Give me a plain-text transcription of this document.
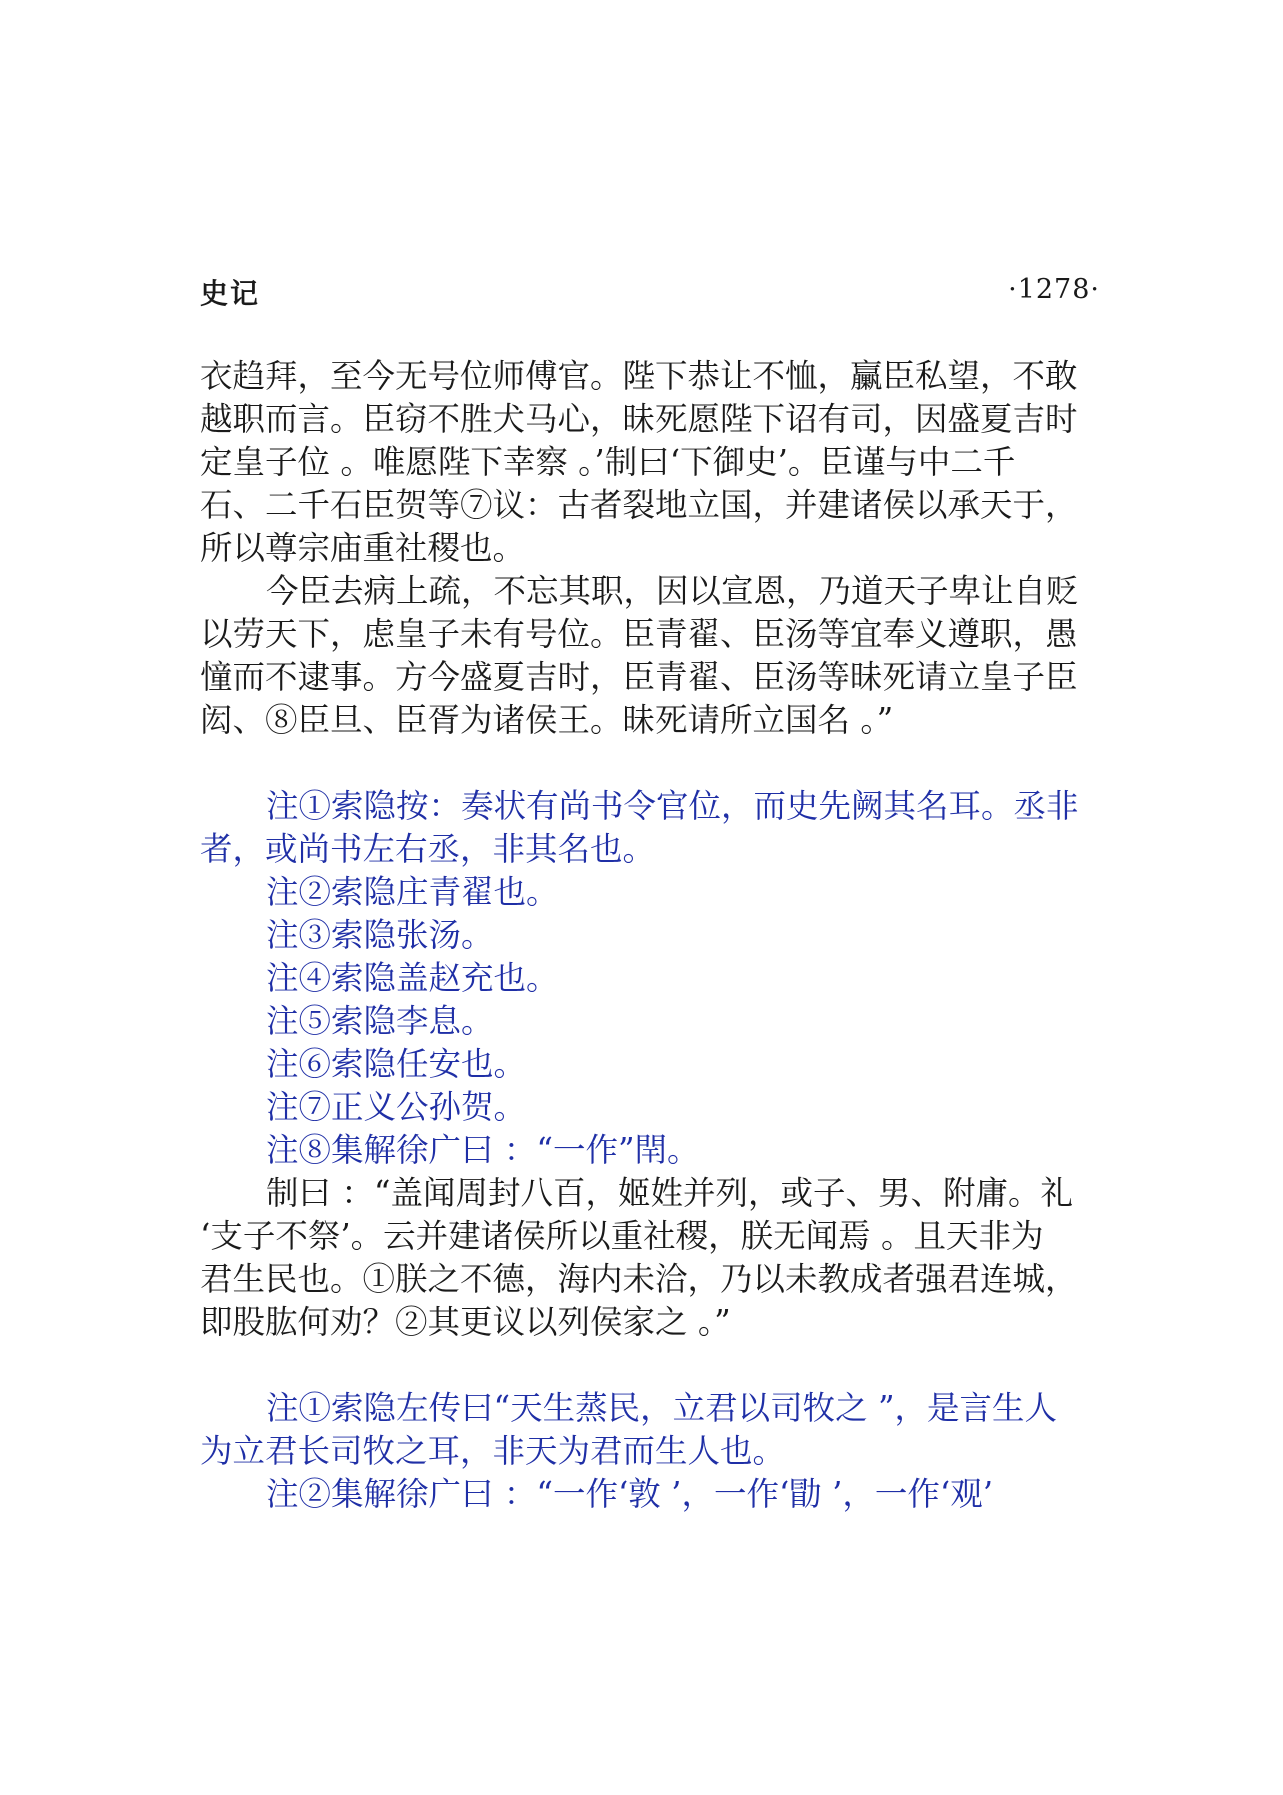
史记	·1278·
衣趋拜，至今无号位师傅官。陛下恭让不恤，臝臣私望，不敢
越职而言。臣窃不胜犬马心，昧死愿陛下诏有司，因盛夏吉时
定皇子位 。唯愿陛下幸察 。’制曰‘下御史’。臣谨与中二千
石、二千石臣贺等⑦议：古者裂地立国，并建诸侯以承天于，
所以尊宗庙重社稷也。
今臣去病上疏，不忘其职，因以宣恩，乃道天子卑让自贬
以劳天下，虑皇子未有号位。臣青翟、臣汤等宜奉义遵职，愚
憧而不逮事。方今盛夏吉时，臣青翟、臣汤等昧死请立皇子臣
闳、⑧臣旦、臣胥为诸侯王。昧死请所立国名 。”
注①索隐按：奏状有尚书令官位，而史先阙其名耳。丞非
者，或尚书左右丞，非其名也。
注②索隐庄青翟也。
注③索隐张汤。
注④索隐盖赵充也。
注⑤索隐李息。
注⑥索隐任安也。
注⑦正义公孙贺。
注⑧集解徐广曰 ：“一作”閈。
制曰 ：“盖闻周封八百，姬姓并列，或子、男、附庸。礼
‘支子不祭’。云并建诸侯所以重社稷，朕无闻焉 。且天非为
君生民也。①朕之不德，海内未洽，乃以未教成者强君连城，
即股肱何劝？②其更议以列侯家之 。”
注①索隐左传曰“天生蒸民，立君以司牧之 ”，是言生人
为立君长司牧之耳，非天为君而生人也。
注②集解徐广曰 ：“一作‘敦 ’，一作‘勖 ’，一作‘观’
